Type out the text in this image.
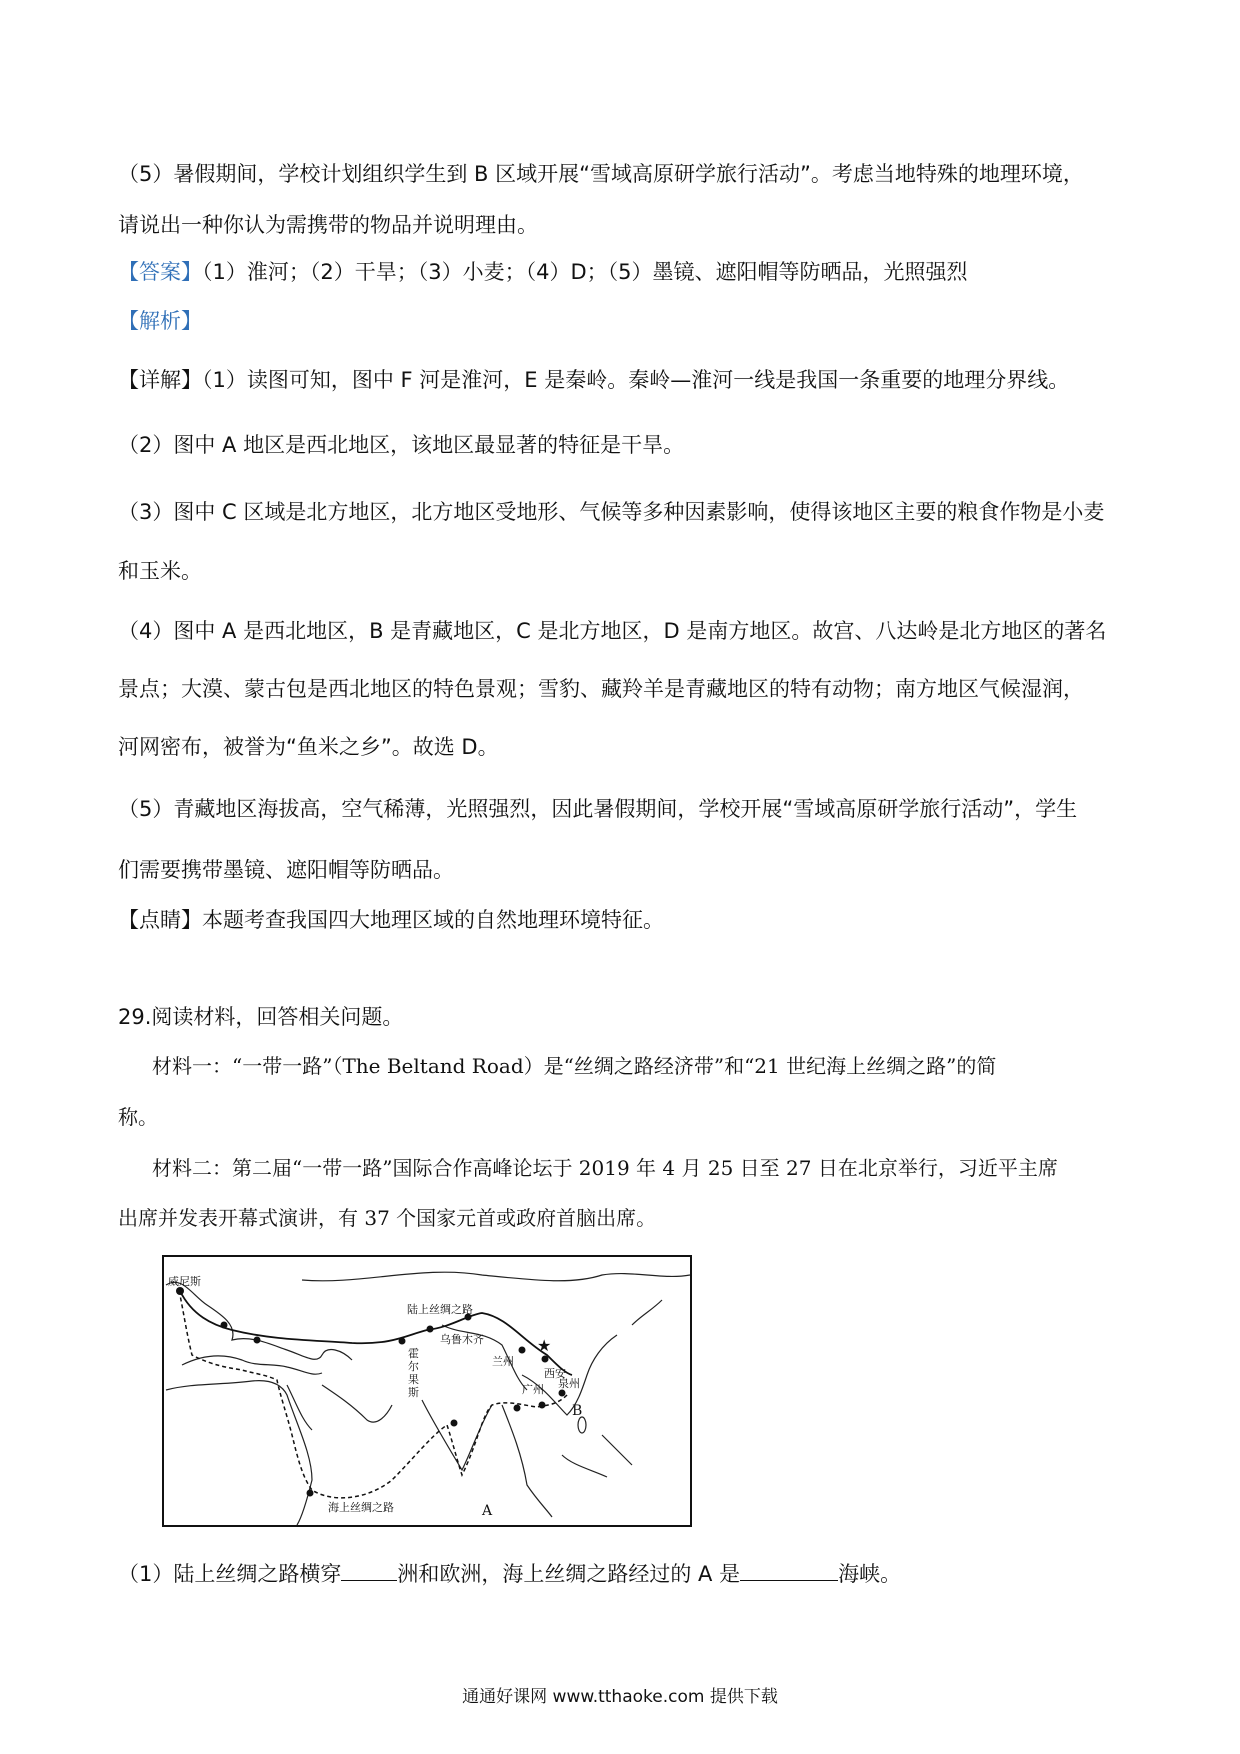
（5）暑假期间，学校计划组织学生到 B 区域开展“雪域高原研学旅行活动”。考虑当地特殊的地理环境，
请说出一种你认为需携带的物品并说明理由。
【答案】（1）淮河；（2）干旱；（3）小麦；（4）D；（5）墨镜、遮阳帽等防晒品，光照强烈
【解析】
【详解】（1）读图可知，图中 F 河是淮河，E 是秦岭。秦岭—淮河一线是我国一条重要的地理分界线。
（2）图中 A 地区是西北地区，该地区最显著的特征是干旱。
（3）图中 C 区域是北方地区，北方地区受地形、气候等多种因素影响，使得该地区主要的粮食作物是小麦
和玉米。
（4）图中 A 是西北地区，B 是青藏地区，C 是北方地区，D 是南方地区。故宫、八达岭是北方地区的著名
景点；大漠、蒙古包是西北地区的特色景观；雪豹、藏羚羊是青藏地区的特有动物；南方地区气候湿润，
河网密布，被誉为“鱼米之乡”。故选 D。
（5）青藏地区海拔高，空气稀薄，光照强烈，因此暑假期间，学校开展“雪域高原研学旅行活动”，学生
们需要携带墨镜、遮阳帽等防晒品。
【点睛】本题考查我国四大地理区域的自然地理环境特征。
29.阅读材料，回答相关问题。
材料一：“一带一路”（The Beltand Road）是“丝绸之路经济带”和“21 世纪海上丝绸之路”的简
称。
材料二：第二届“一带一路”国际合作高峰论坛于 2019 年 4 月 25 日至 27 日在北京举行，习近平主席
出席并发表开幕式演讲，有 37 个国家元首或政府首脑出席。
★
威尼斯
陆上丝绸之路
乌鲁木齐
霍
尔
果
斯
兰州
西安
泉州
广州
海上丝绸之路
B
A
（1）陆上丝绸之路横穿	洲和欧洲，海上丝绸之路经过的 A 是	海峡。
通通好课网 www.tthaoke.com 提供下载
